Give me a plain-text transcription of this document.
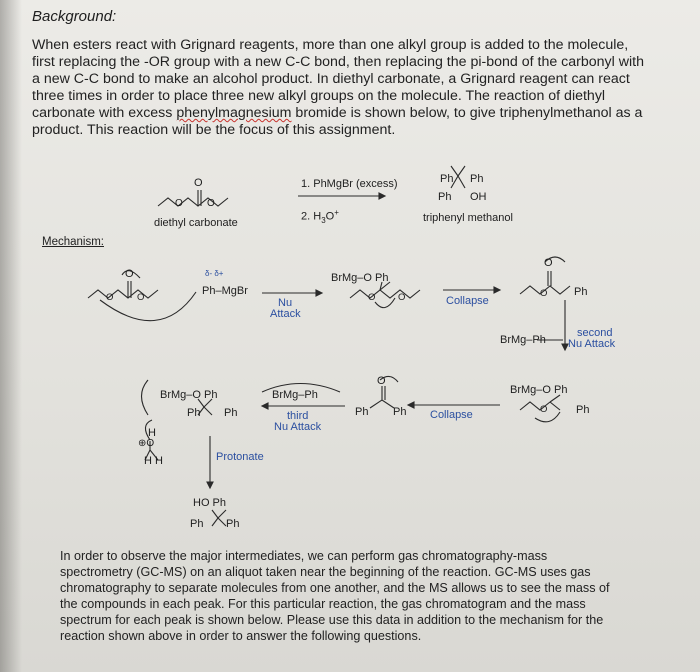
Background:
When esters react with Grignard reagents, more than one alkyl group is added to the molecule, first replacing the -OR group with a new C-C bond, then replacing the pi-bond of the carbonyl with a new C-C bond to make an alcohol product. In diethyl carbonate, a Grignard reagent can react three times in order to place three new alkyl groups on the molecule. The reaction of diethyl carbonate with excess phenylmagnesium bromide is shown below, to give triphenylmethanol as a product. This reaction will be the focus of this assignment.
O
O O
diethyl carbonate
1. PhMgBr (excess)
2. $H_3O^+$
Ph Ph
Ph OH
triphenyl methanol
Mechanism:
O
O O
δ- δ+
Ph–MgBr
Nu
Attack
BrMg–O Ph
O O	Collapse
O
O Ph
BrMg–Ph
second
Nu Attack
BrMg–O Ph
Ph Ph
BrMg–Ph
third
Nu Attack
O
Ph Ph Collapse
BrMg–O Ph
O	Ph
H
⊕O
H H	Protonate
HO Ph
Ph Ph
In order to observe the major intermediates, we can perform gas chromatography-mass spectrometry (GC-MS) on an aliquot taken near the beginning of the reaction. GC-MS uses gas chromatography to separate molecules from one another, and the MS allows us to see the mass of the compounds in each peak. For this particular reaction, the gas chromatogram and the mass spectrum for each peak is shown below. Please use this data in addition to the mechanism for the reaction shown above in order to answer the following questions.
